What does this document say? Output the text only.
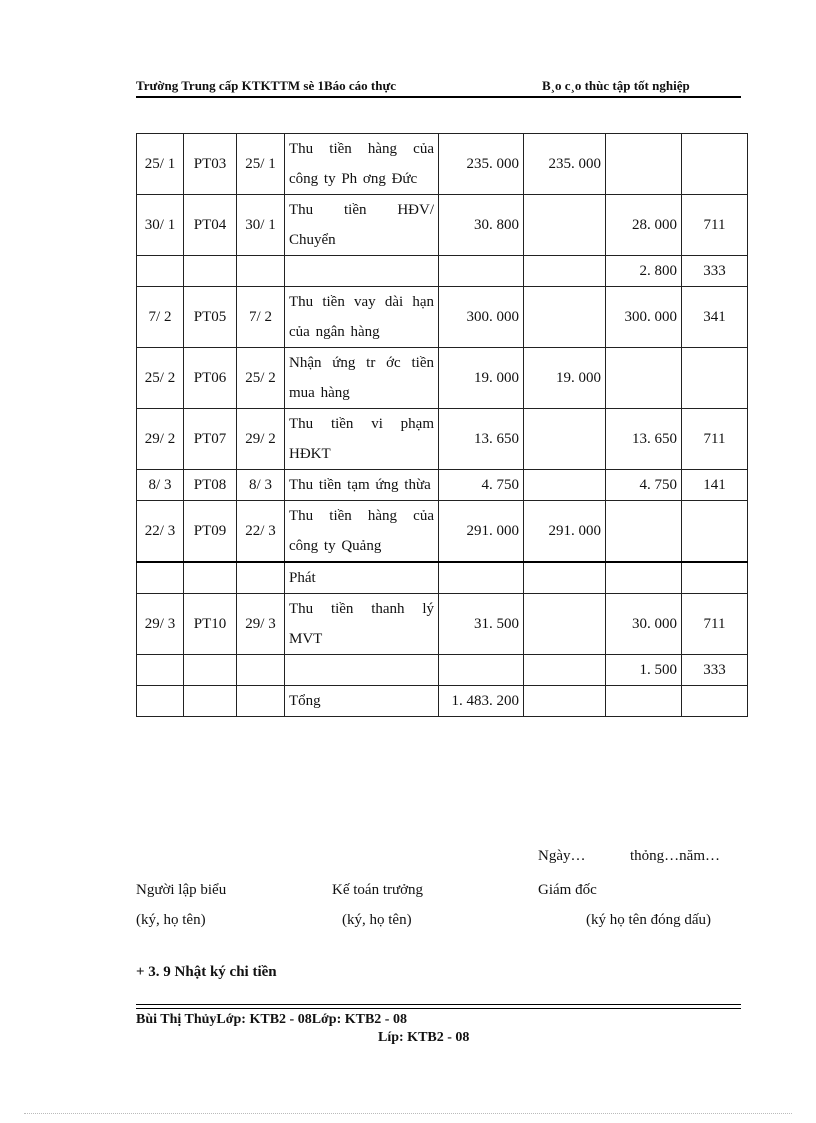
Trường Trung cấp KTKTTM sè 1Báo cáo thực	B¸o c¸o thùc tập tốt nghiệp
25/ 1	PT03	25/ 1	Thu tiền hàng của công ty Ph ơng Đức	235. 000	235. 000		
30/ 1	PT04	30/ 1	Thu tiền HĐV/ Chuyển	30. 800		28. 000	711
						2. 800	333
7/ 2	PT05	7/ 2	Thu tiền vay dài hạn của ngân hàng	300. 000		300. 000	341
25/ 2	PT06	25/ 2	Nhận ứng tr ớc tiền mua hàng	19. 000	19. 000		
29/ 2	PT07	29/ 2	Thu tiền vi phạm HĐKT	13. 650		13. 650	711
8/ 3	PT08	8/ 3	Thu tiền tạm ứng thừa	4. 750		4. 750	141
22/ 3	PT09	22/ 3	Thu tiền hàng của công ty Quảng	291. 000	291. 000		
			Phát				
29/ 3	PT10	29/ 3	Thu tiền thanh lý MVT	31. 500		30. 000	711
						1. 500	333
			Tổng	1. 483. 200			
Ngày…	thỏng…năm…
Người lập biểu	Kế toán trưởng	Giám đốc
(ký, họ tên)	(ký, họ tên)	(ký họ tên đóng dấu)
+ 3. 9 Nhật ký chi tiền
Bùi Thị ThủyLớp: KTB2 - 08Lớp: KTB2 - 08
Líp: KTB2 - 08
